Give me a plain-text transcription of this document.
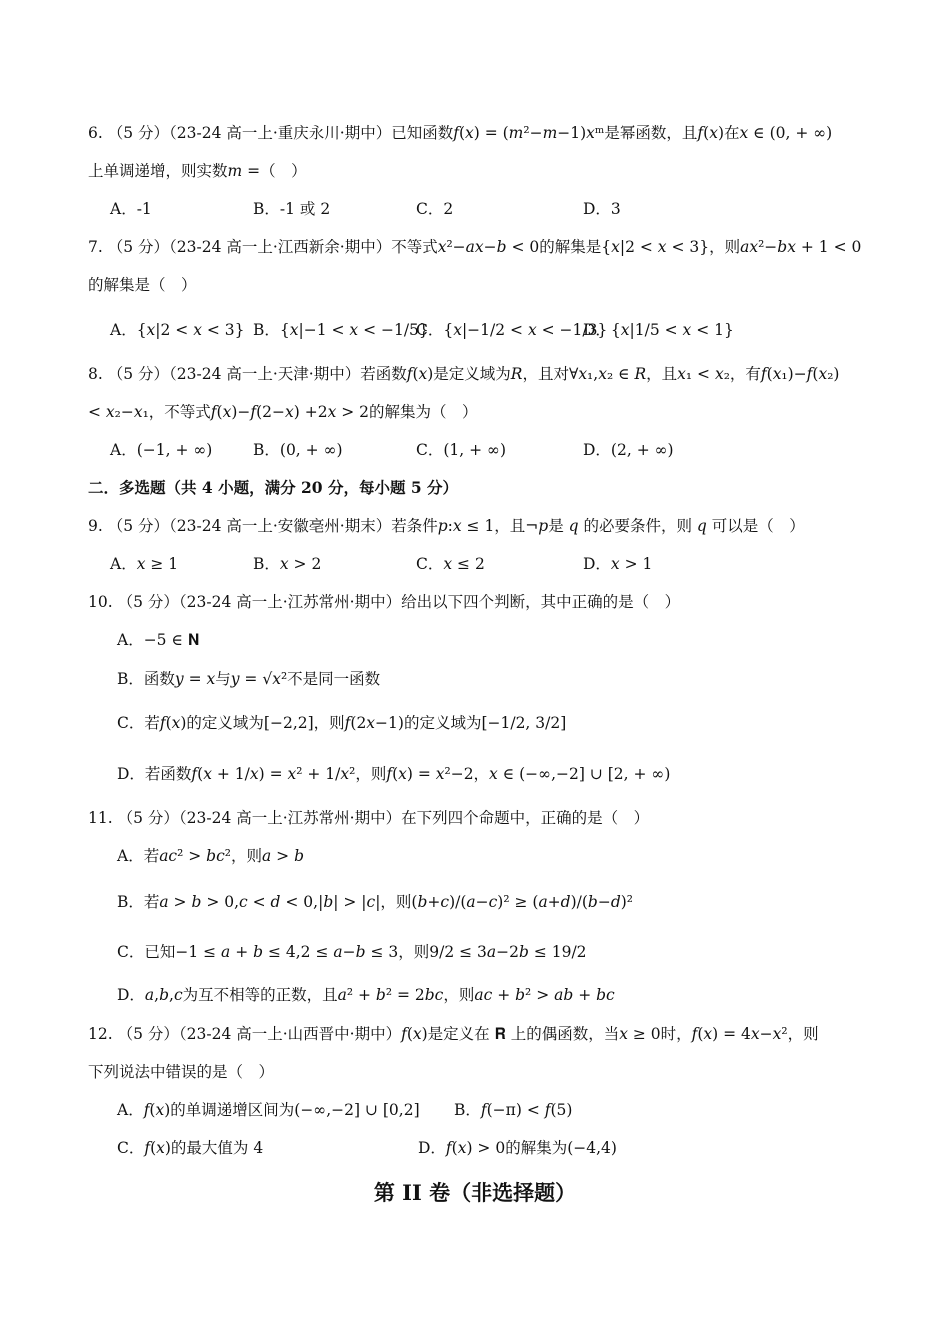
6. （5 分）（23-24 高一上·重庆永川·期中）已知函数𝑓(𝑥) = (𝑚²−𝑚−1)𝑥ᵐ是幂函数，且𝑓(𝑥)在𝑥 ∈ (0, + ∞)
上单调递增，则实数𝑚 =（　）
A．-1	B．-1 或 2	C．2	D．3
7. （5 分）（23-24 高一上·江西新余·期中）不等式𝑥²−𝑎𝑥−𝑏 < 0的解集是{𝑥|2 < 𝑥 < 3}，则𝑎𝑥²−𝑏𝑥 + 1 < 0
的解集是（　）
A．{𝑥|2 < 𝑥 < 3} B．{𝑥|−1 < 𝑥 < −1/5}
C．{𝑥|−1/2 < 𝑥 < −1/3}
D．{𝑥|1/5 < 𝑥 < 1}
8. （5 分）（23-24 高一上·天津·期中）若函数𝑓(𝑥)是定义域为𝑅，且对∀𝑥₁,𝑥₂ ∈ 𝑅，且𝑥₁ < 𝑥₂，有𝑓(𝑥₁)−𝑓(𝑥₂)
< 𝑥₂−𝑥₁，不等式𝑓(𝑥)−𝑓(2−𝑥) +2𝑥 > 2的解集为（　）
A．(−1, + ∞)	B．(0, + ∞)	C．(1, + ∞)	D．(2, + ∞)
二．多选题（共 4 小题，满分 20 分，每小题 5 分）
9. （5 分）（23-24 高一上·安徽亳州·期末）若条件𝑝:𝑥 ≤ 1，且¬𝑝是 𝑞 的必要条件，则 𝑞 可以是（　）
A．𝑥 ≥ 1	B．𝑥 > 2	C．𝑥 ≤ 2	D．𝑥 > 1
10. （5 分）（23-24 高一上·江苏常州·期中）给出以下四个判断，其中正确的是（　）
A．−5 ∈ 𝐍
B．函数𝑦 = 𝑥与𝑦 = √𝑥²不是同一函数
C．若𝑓(𝑥)的定义域为[−2,2]，则𝑓(2𝑥−1)的定义域为[−1/2, 3/2]
D．若函数𝑓(𝑥 + 1/𝑥) = 𝑥² + 1/𝑥²，则𝑓(𝑥) = 𝑥²−2，𝑥 ∈ (−∞,−2] ∪ [2, + ∞)
11. （5 分）（23-24 高一上·江苏常州·期中）在下列四个命题中，正确的是（　）
A．若𝑎𝑐² > 𝑏𝑐²，则𝑎 > 𝑏
B．若𝑎 > 𝑏 > 0,𝑐 < 𝑑 < 0,|𝑏| > |𝑐|，则(𝑏+𝑐)/(𝑎−𝑐)² ≥ (𝑎+𝑑)/(𝑏−𝑑)²
C．已知−1 ≤ 𝑎 + 𝑏 ≤ 4,2 ≤ 𝑎−𝑏 ≤ 3，则9/2 ≤ 3𝑎−2𝑏 ≤ 19/2
D．𝑎,𝑏,𝑐为互不相等的正数，且𝑎² + 𝑏² = 2𝑏𝑐，则𝑎𝑐 + 𝑏² > 𝑎𝑏 + 𝑏𝑐
12. （5 分）（23-24 高一上·山西晋中·期中）𝑓(𝑥)是定义在 𝐑 上的偶函数，当𝑥 ≥ 0时，𝑓(𝑥) = 4𝑥−𝑥²，则
下列说法中错误的是（　）
A．𝑓(𝑥)的单调递增区间为(−∞,−2] ∪ [0,2] B．𝑓(−π) < 𝑓(5)
C．𝑓(𝑥)的最大值为 4	D．𝑓(𝑥) > 0的解集为(−4,4)
第 II 卷（非选择题）
